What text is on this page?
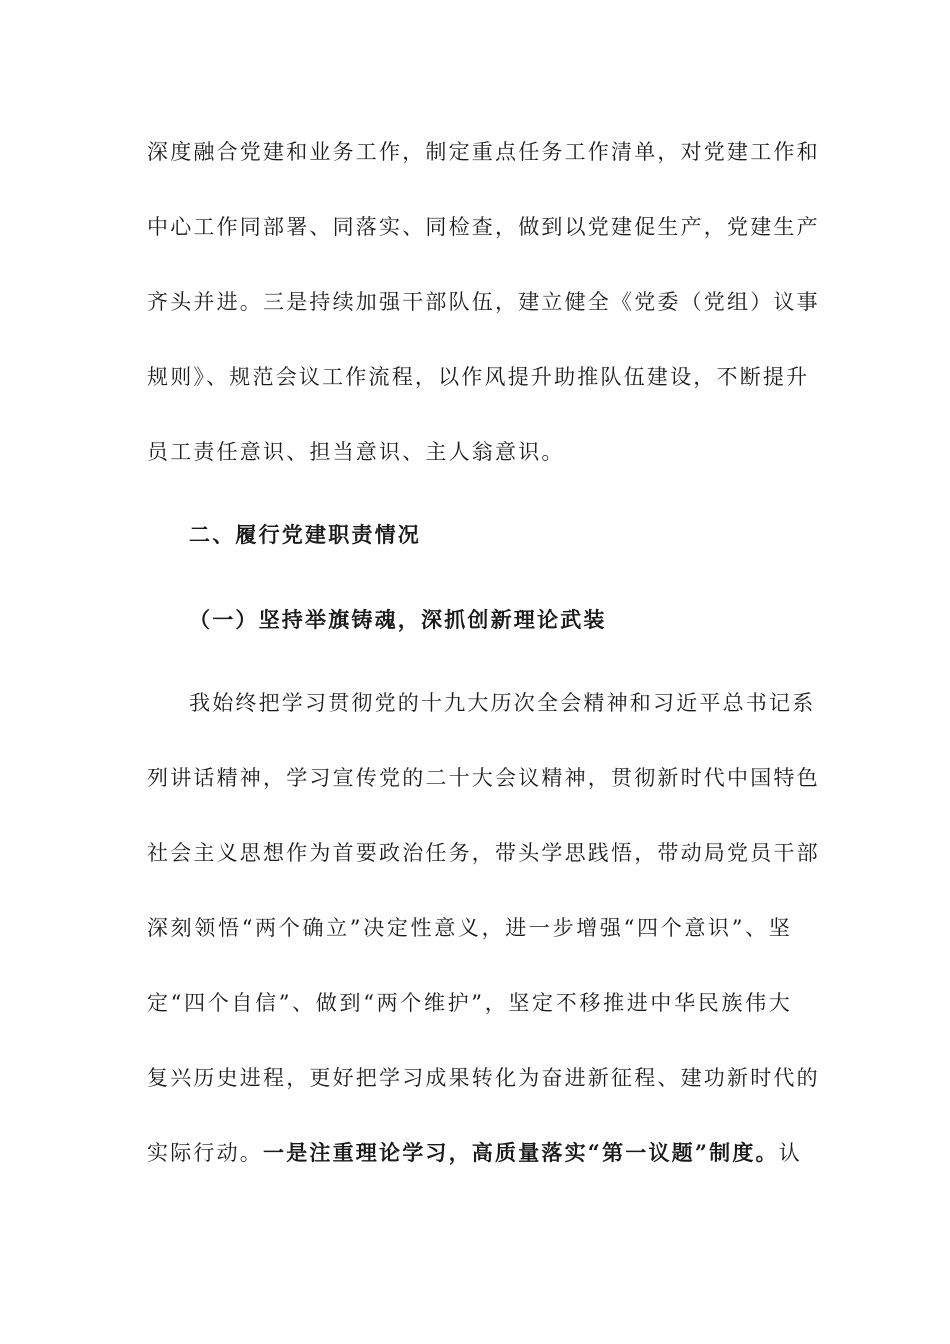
深度融合党建和业务工作，制定重点任务工作清单，对党建工作和
中心工作同部署、同落实、同检查，做到以党建促生产，党建生产
齐头并进。三是持续加强干部队伍，建立健全《党委（党组）议事
规则》、规范会议工作流程，以作风提升助推队伍建设，不断提升
员工责任意识、担当意识、主人翁意识。
二、履行党建职责情况
（一）坚持举旗铸魂，深抓创新理论武装
我始终把学习贯彻党的十九大历次全会精神和习近平总书记系
列讲话精神，学习宣传党的二十大会议精神，贯彻新时代中国特色
社会主义思想作为首要政治任务，带头学思践悟，带动局党员干部
深刻领悟“两个确立”决定性意义，进一步增强“四个意识”、坚
定“四个自信”、做到“两个维护”，坚定不移推进中华民族伟大
复兴历史进程，更好把学习成果转化为奋进新征程、建功新时代的
实际行动。一是注重理论学习，高质量落实“第一议题”制度。认
